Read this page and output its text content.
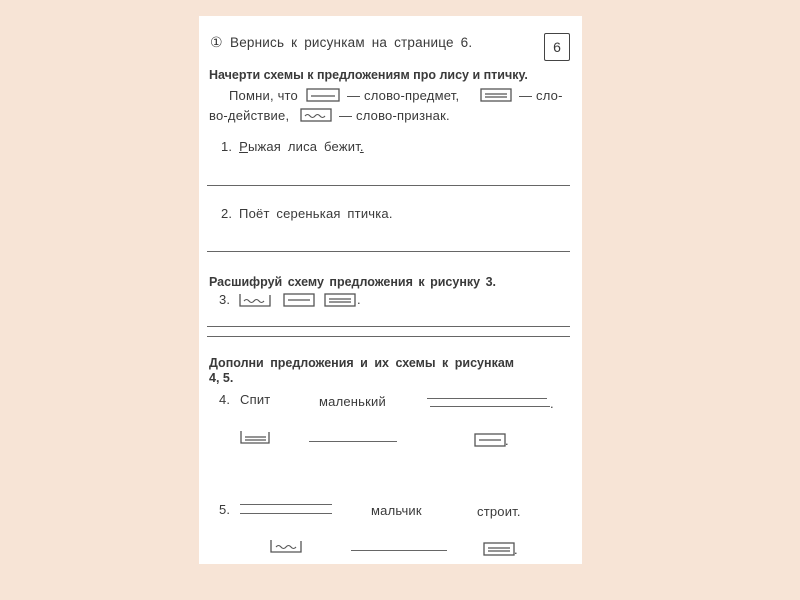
6
① Вернись к рисункам на странице 6.
Начерти схемы к предложениям про лису и птичку.
Помни, что	— слово-предмет,	— сло-
во-действие,	— слово-признак.
1. Рыжая лиса бежит.
2. Поёт серенькая птичка.
Расшифруй схему предложения к рисунку 3.
3.	.
Дополни предложения и их схемы к рисункам
4, 5.
4. Спит	маленький	.
.
5.	мальчик	строит.
.
